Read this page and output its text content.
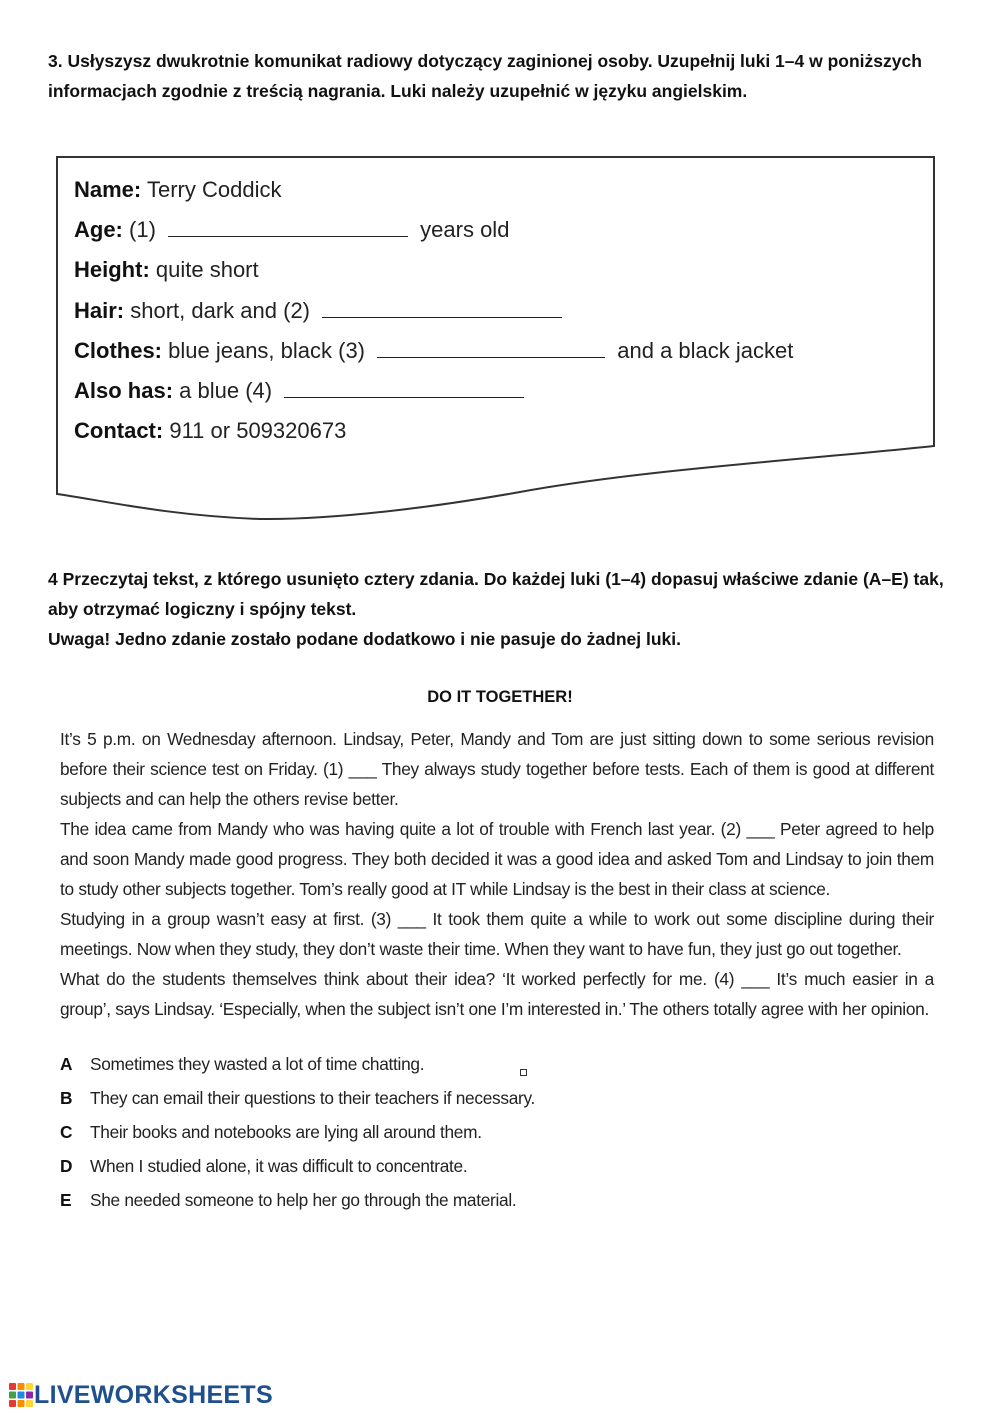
3. Usłyszysz dwukrotnie komunikat radiowy dotyczący zaginionej osoby. Uzupełnij luki 1–4 w poniższych informacjach zgodnie z treścią nagrania. Luki należy uzupełnić w języku angielskim.
Name: Terry Coddick
Age: (1)	years old
Height: quite short
Hair: short, dark and (2)
Clothes: blue jeans, black (3)	and a black jacket
Also has: a blue (4)
Contact: 911 or 509320673
4 Przeczytaj tekst, z którego usunięto cztery zdania. Do każdej luki (1–4) dopasuj właściwe zdanie (A–E) tak, aby otrzymać logiczny i spójny tekst.
Uwaga! Jedno zdanie zostało podane dodatkowo i nie pasuje do żadnej luki.
DO IT TOGETHER!

It’s 5 p.m. on Wednesday afternoon. Lindsay, Peter, Mandy and Tom are just sitting down to some serious revision before their science test on Friday. (1) ___ They always study together before tests. Each of them is good at different subjects and can help the others revise better.

The idea came from Mandy who was having quite a lot of trouble with French last year. (2) ___ Peter agreed to help and soon Mandy made good progress. They both decided it was a good idea and asked Tom and Lindsay to join them to study other subjects together. Tom’s really good at IT while Lindsay is the best in their class at science.

Studying in a group wasn’t easy at first. (3) ___ It took them quite a while to work out some discipline during their meetings. Now when they study, they don’t waste their time. When they want to have fun, they just go out together.

What do the students themselves think about their idea? ‘It worked perfectly for me. (4) ___ It’s much easier in a group’, says Lindsay. ‘Especially, when the subject isn’t one I’m interested in.’ The others totally agree with her opinion.

A Sometimes they wasted a lot of time chatting.
B They can email their questions to their teachers if necessary.
C Their books and notebooks are lying all around them.
D When I studied alone, it was difficult to concentrate.
E She needed someone to help her go through the material.
LIVEWORKSHEETS
